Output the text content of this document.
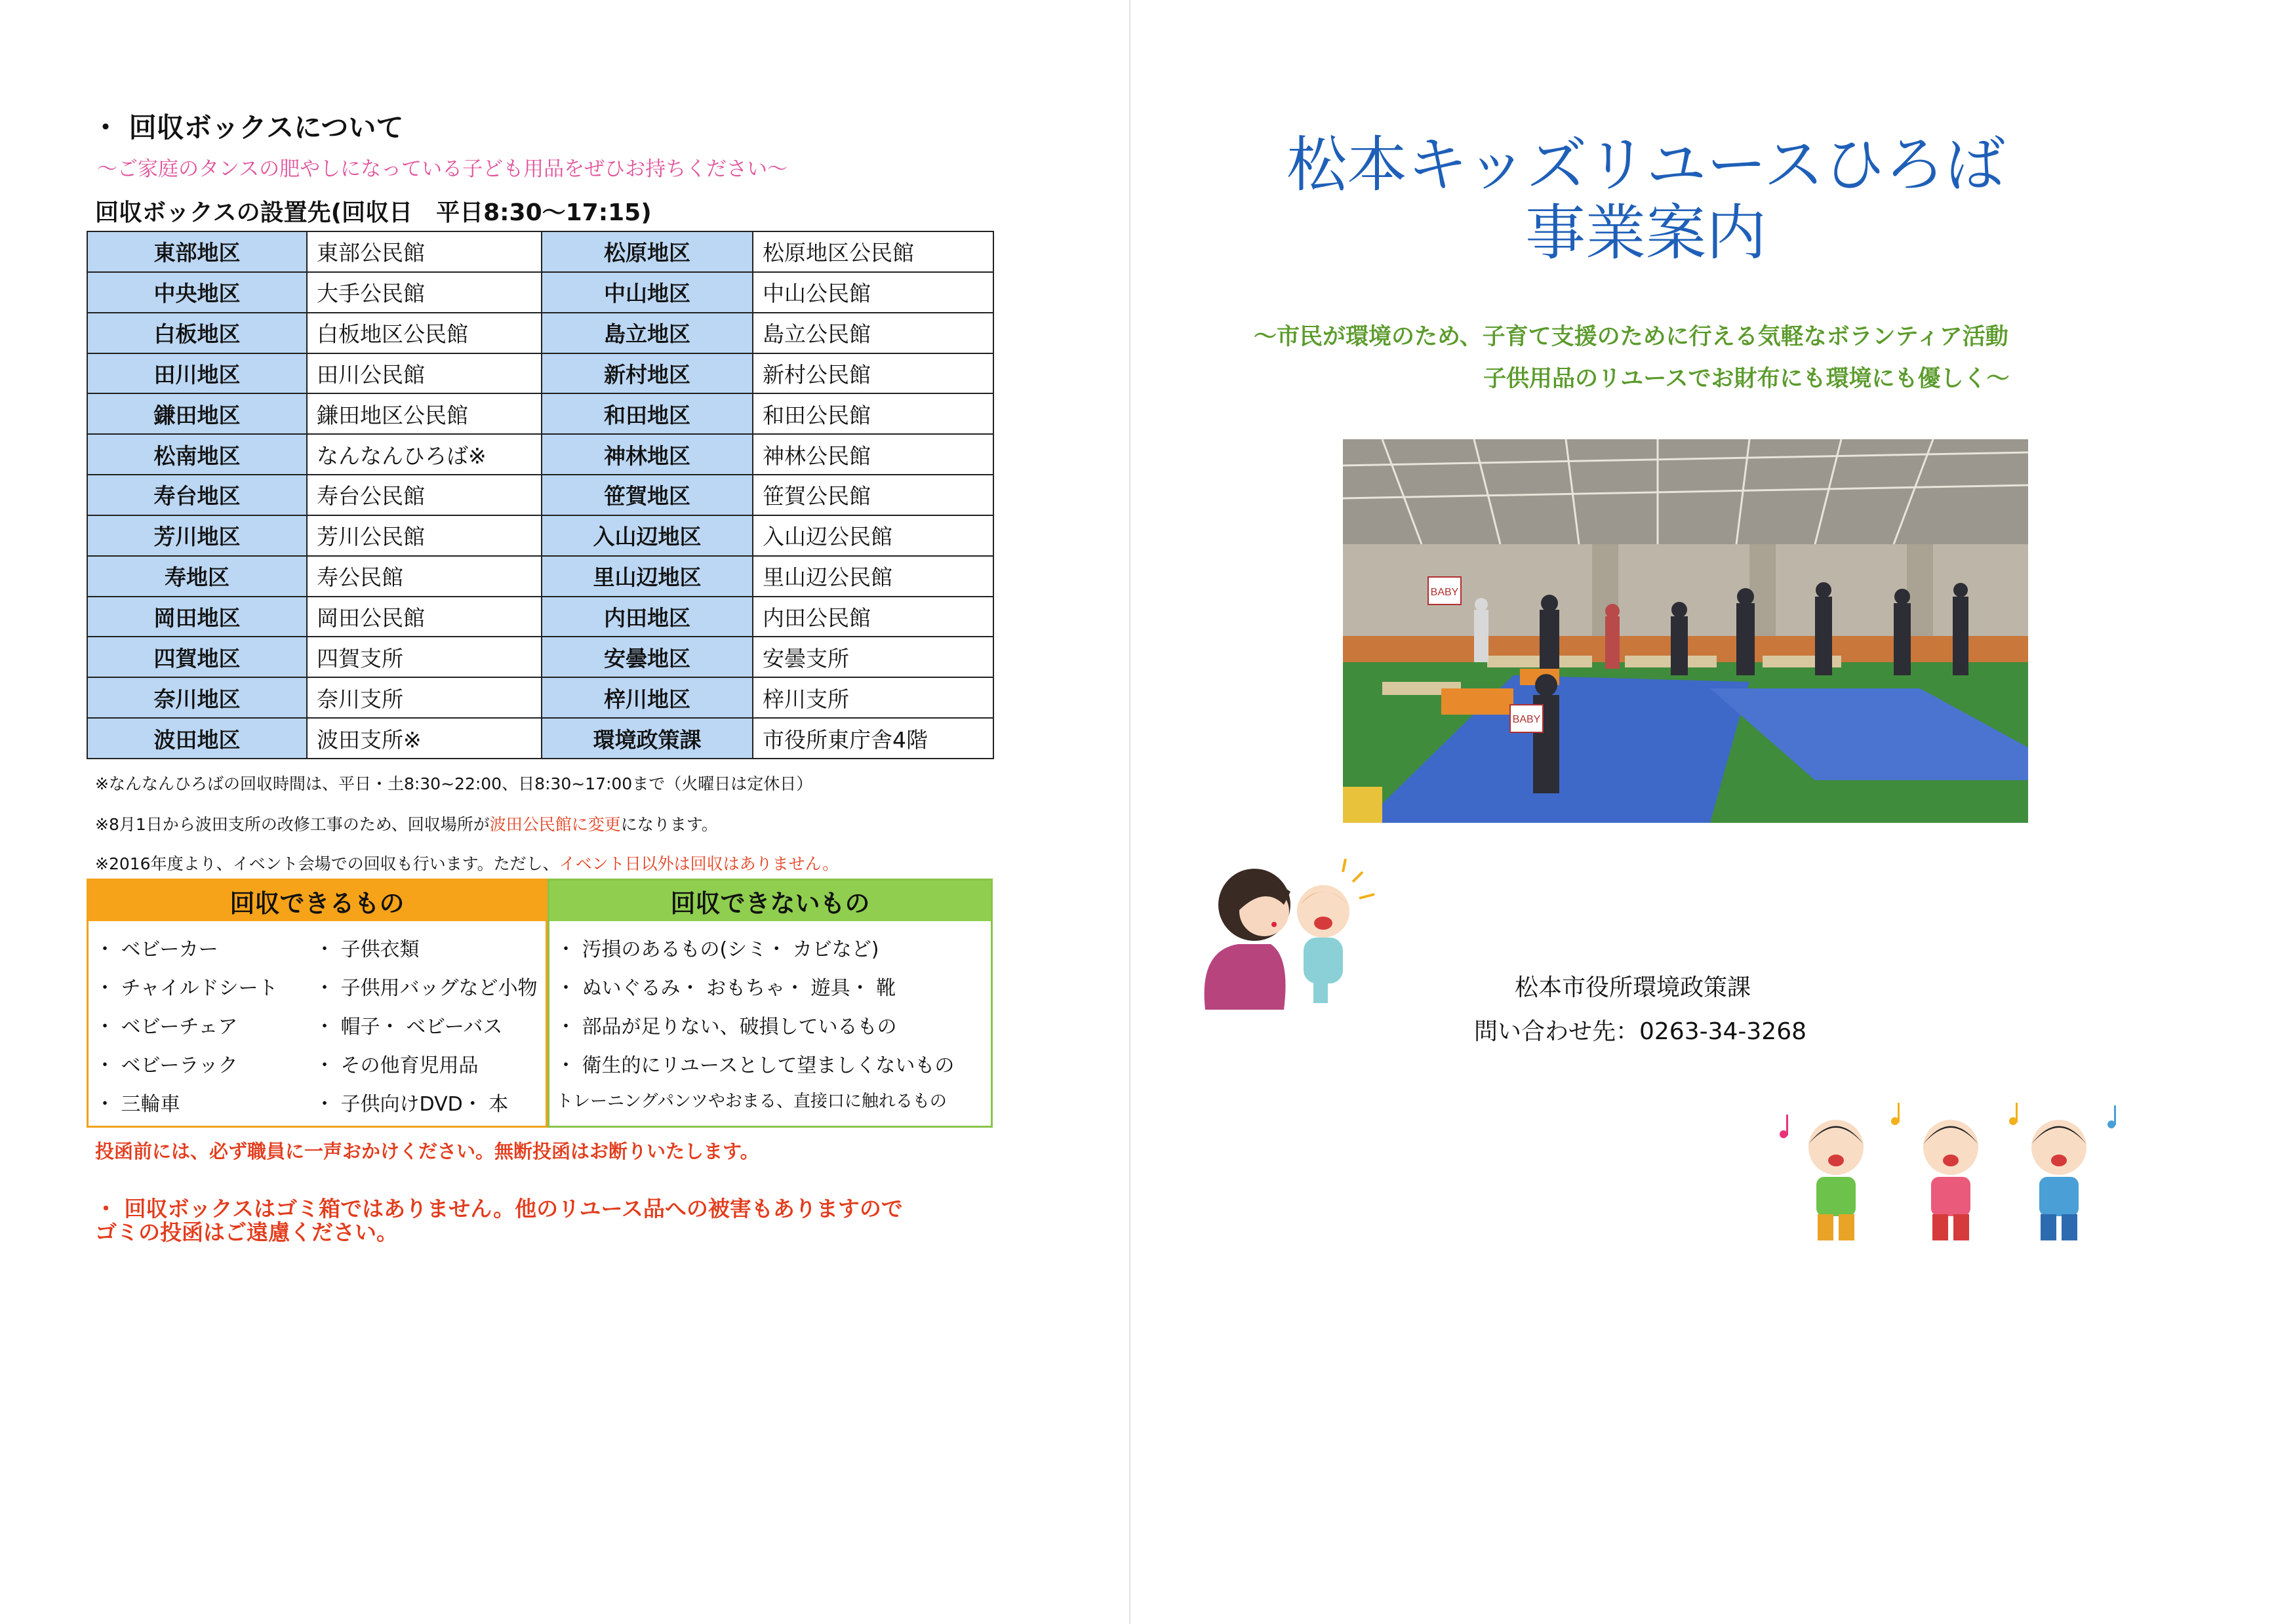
・ 回収ボックスについて
～ご家庭のタンスの肥やしになっている子ども用品をぜひお持ちください～
回収ボックスの設置先(回収日　平日8:30～17:15)
東部地区	東部公民館	松原地区	松原地区公民館
中央地区	大手公民館	中山地区	中山公民館
白板地区	白板地区公民館	島立地区	島立公民館
田川地区	田川公民館	新村地区	新村公民館
鎌田地区	鎌田地区公民館	和田地区	和田公民館
松南地区	なんなんひろば※	神林地区	神林公民館
寿台地区	寿台公民館	笹賀地区	笹賀公民館
芳川地区	芳川公民館	入山辺地区	入山辺公民館
寿地区	寿公民館	里山辺地区	里山辺公民館
岡田地区	岡田公民館	内田地区	内田公民館
四賀地区	四賀支所	安曇地区	安曇支所
奈川地区	奈川支所	梓川地区	梓川支所
波田地区	波田支所※	環境政策課	市役所東庁舎4階
※なんなんひろばの回収時間は、平日・土8:30~22:00、日8:30~17:00まで（火曜日は定休日）
※8月1日から波田支所の改修工事のため、回収場所が波田公民館に変更になります。
※2016年度より、イベント会場での回収も行います。ただし、イベント日以外は回収はありません。
回収できるもの
・ ベビーカー
・ チャイルドシート
・ ベビーチェア
・ ベビーラック
・ 三輪車
・ 子供衣類
・ 子供用バッグなど小物
・ 帽子・ ベビーバス
・ その他育児用品
・ 子供向けDVD・ 本
回収できないもの
・ 汚損のあるもの(シミ・ カビなど)
・ ぬいぐるみ・ おもちゃ・ 遊具・ 靴
・ 部品が足りない、破損しているもの
・ 衛生的にリユースとして望ましくないもの
トレーニングパンツやおまる、直接口に触れるもの
投函前には、必ず職員に一声おかけください。無断投函はお断りいたします。
・ 回収ボックスはゴミ箱ではありません。他のリユース品への被害もありますので
ゴミの投函はご遠慮ください。
松本キッズリユースひろば
事業案内
～市民が環境のため、子育て支援のために行える気軽なボランティア活動
子供用品のリユースでお財布にも環境にも優しく～
BABY
BABY
松本市役所環境政策課
問い合わせ先：0263-34-3268
